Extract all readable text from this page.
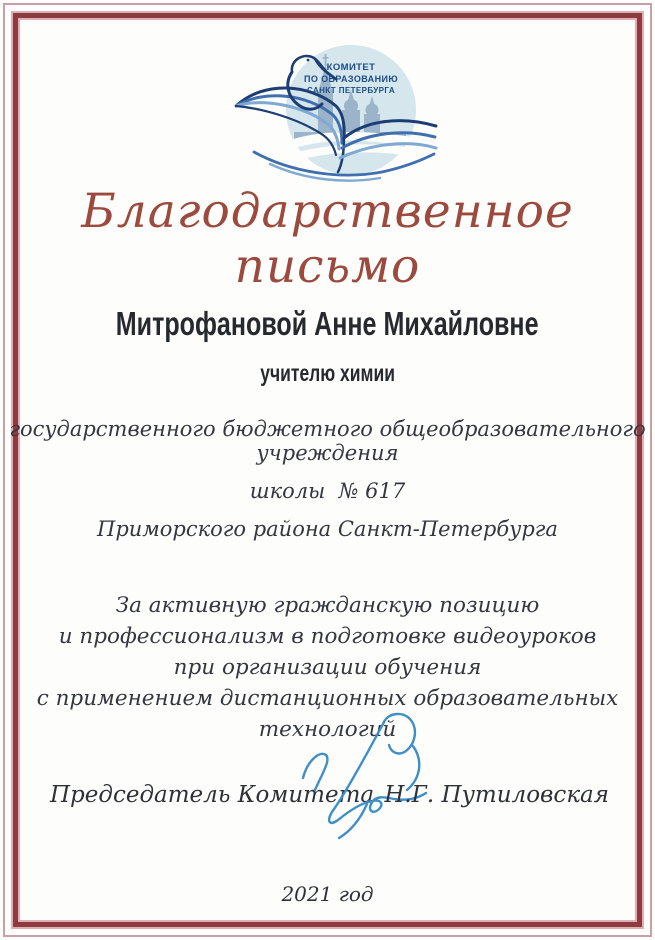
КОМИТЕТ
ПО ОБРАЗОВАНИЮ
САНКТ ПЕТЕРБУРГА
Благодарственное письмо
Митрофановой Анне Михайловне
учителю химии
государственного бюджетного общеобразовательного учреждения
школы  № 617
Приморского района Санкт-Петербурга
За активную гражданскую позицию
и профессионализм в подготовке видеоуроков
при организации обучения
с применением дистанционных образовательных технологий
Председатель Комитета Н.Г. Путиловская
2021 год
